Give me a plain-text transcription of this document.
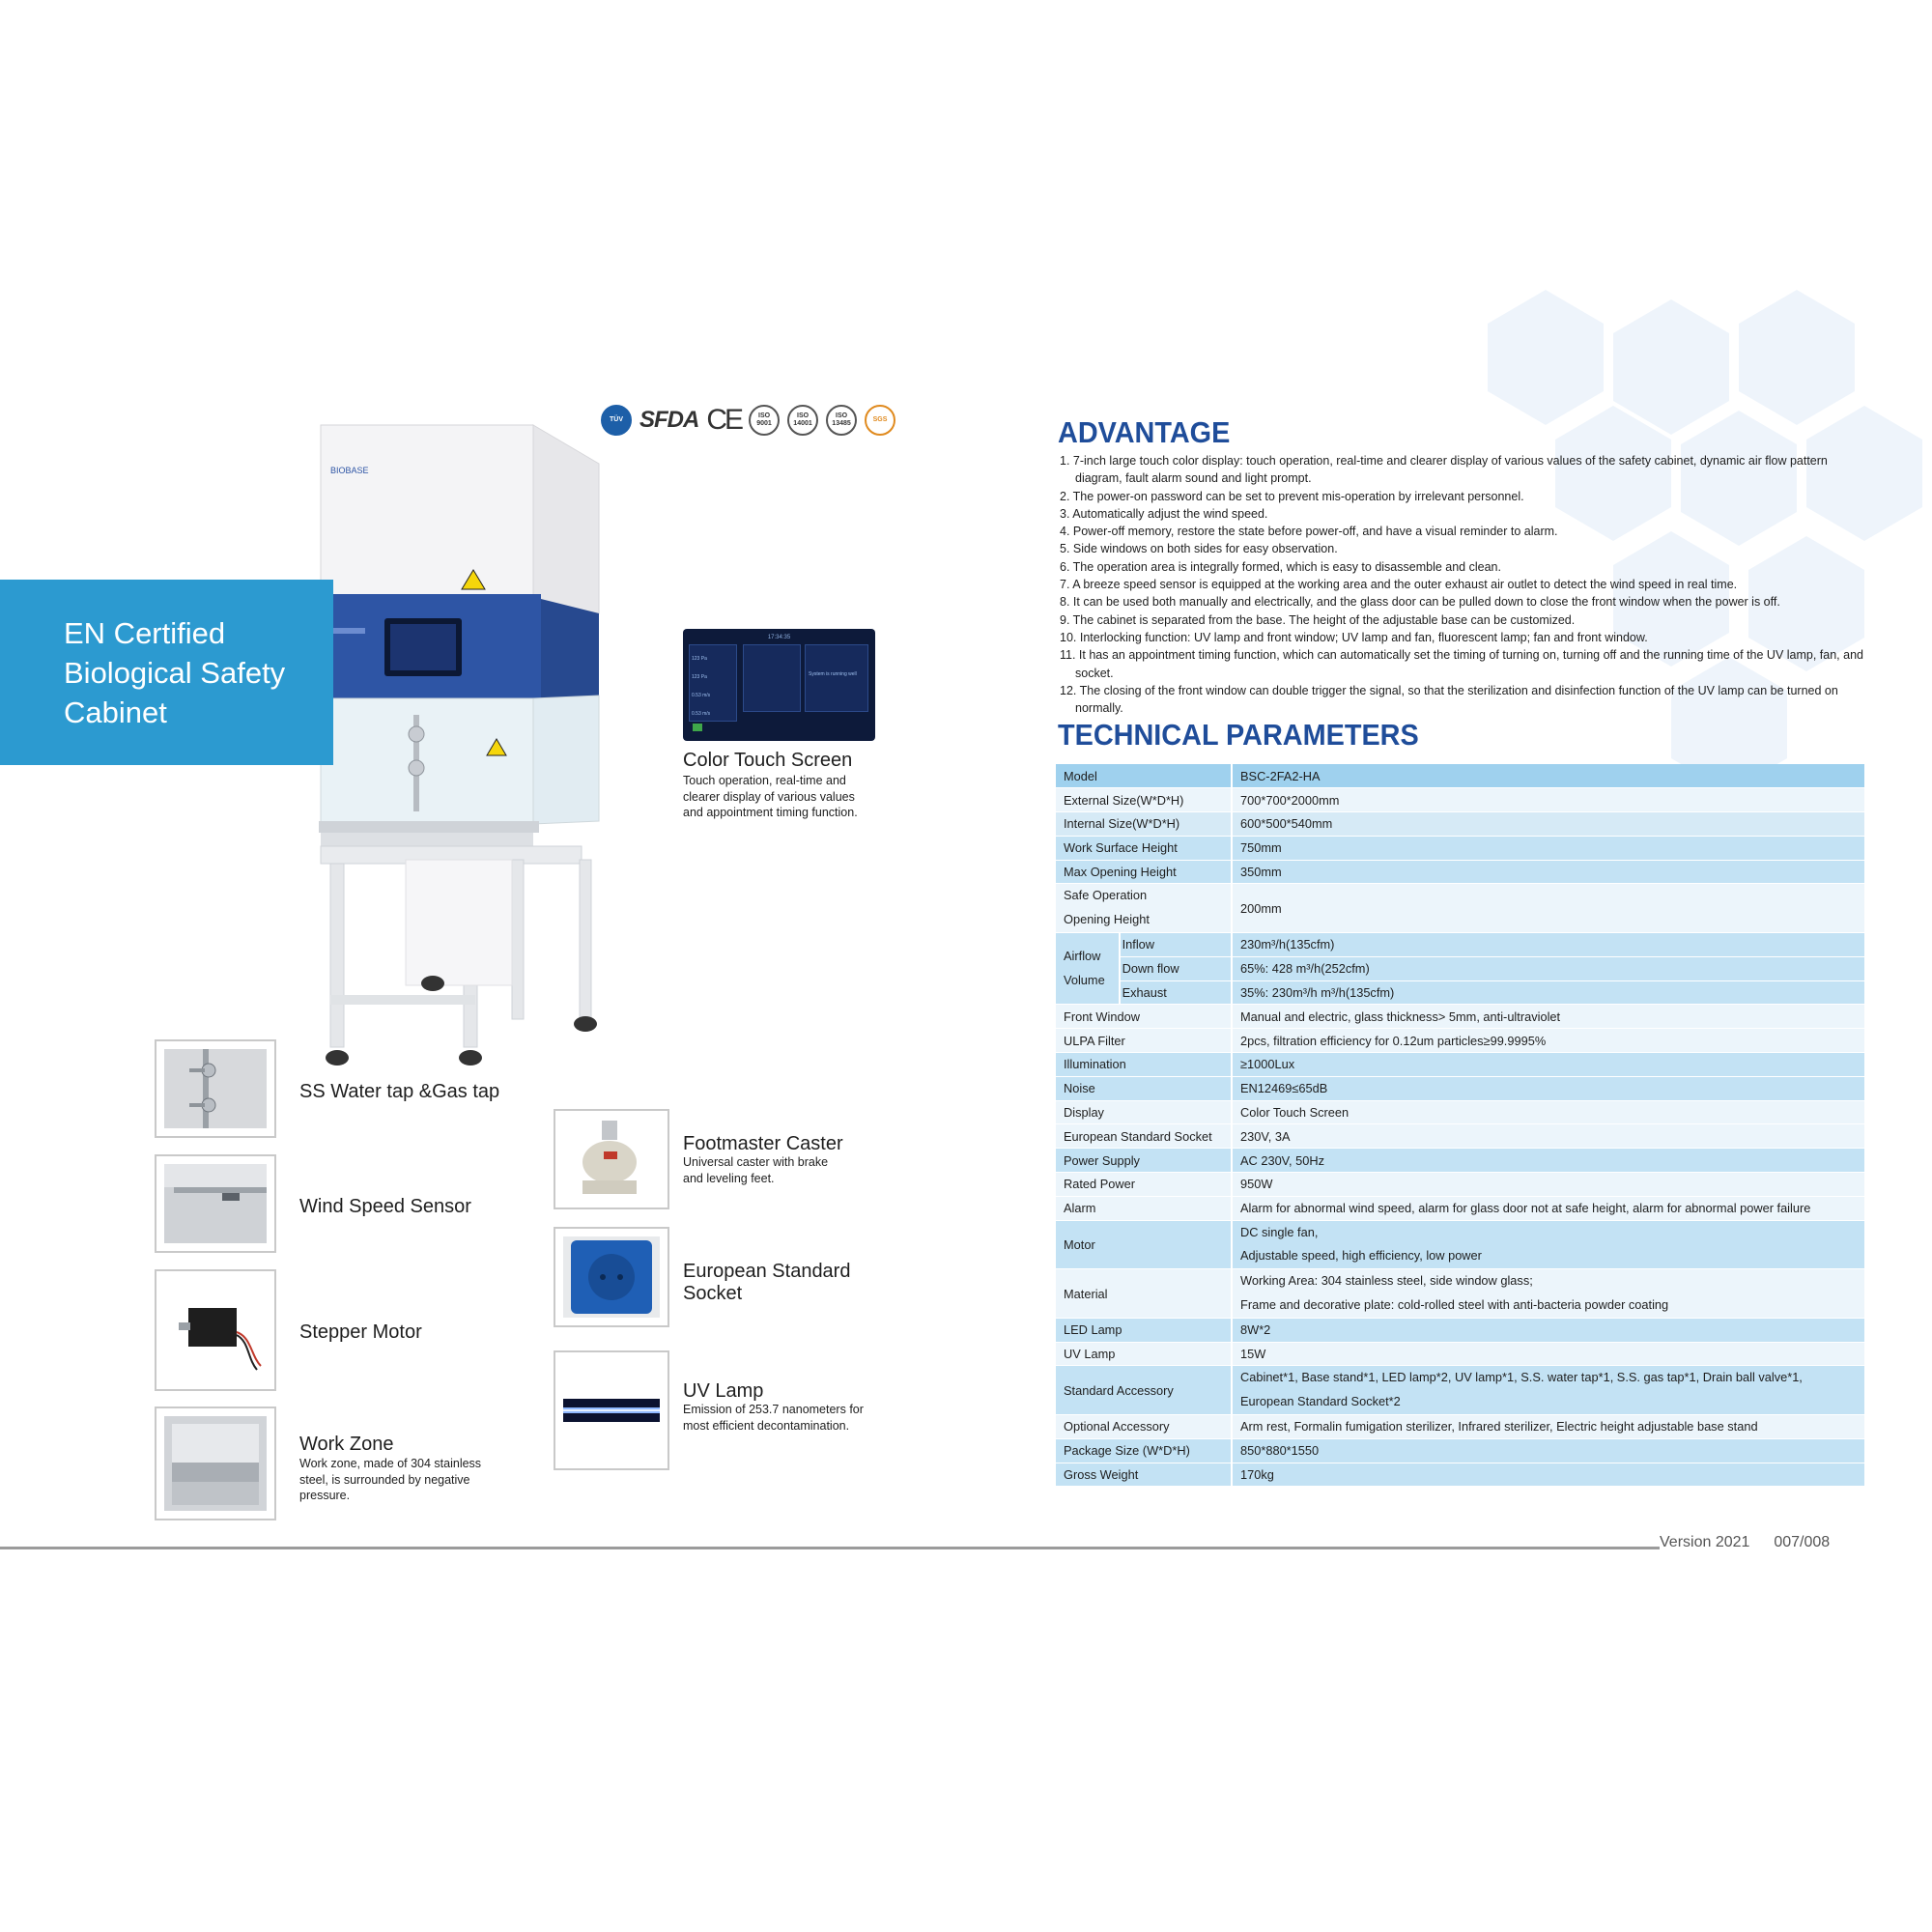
TÜV SFDA CE	ISO 9001
ISO 14001
ISO 13485
SGS
BIOBASE
EN Certified
Biological Safety
Cabinet
17:34:35
System is running well
123 Pa
123 Pa
0.53 m/s
0.53 m/s
Color Touch Screen
Touch operation, real-time and
clearer display of various values
and appointment timing function.
SS Water tap &Gas tap
Wind Speed Sensor
Stepper Motor
Work Zone
Work zone, made of 304 stainless
steel, is surrounded by negative
pressure.
Footmaster Caster
Universal caster with brake
and leveling feet.
European Standard Socket
UV Lamp
Emission of 253.7 nanometers for
most efficient decontamination.
ADVANTAGE
1. 7-inch large touch color display: touch operation, real-time and clearer display of various values of the safety cabinet, dynamic air flow pattern diagram, fault alarm sound and light prompt.
2. The power-on password can be set to prevent mis-operation by irrelevant personnel.
3. Automatically adjust the wind speed.
4. Power-off memory, restore the state before power-off, and have a visual reminder to alarm.
5. Side windows on both sides for easy observation.
6. The operation area is integrally formed, which is easy to disassemble and clean.
7. A breeze speed sensor is equipped at the working area and the outer exhaust air outlet to detect the wind speed in real time.
8. It can be used both manually and electrically, and the glass door can be pulled down to close the front window when the power is off.
9. The cabinet is separated from the base. The height of the adjustable base can be customized.
10. Interlocking function: UV lamp and front window; UV lamp and fan, fluorescent lamp; fan and front window.
11. It has an appointment timing function, which can automatically set the timing of turning on, turning off and the running time of the UV lamp, fan, and socket.
12. The closing of the front window can double trigger the signal, so that the sterilization and disinfection function of the UV lamp can be turned on normally.
TECHNICAL PARAMETERS
Model		BSC-2FA2-HA
External Size(W*D*H)		700*700*2000mm
Internal Size(W*D*H)		600*500*540mm
Work Surface Height		750mm
Max Opening Height		350mm

Safe Operation
Opening Height		200mm

Airflow
Volume	Inflow	230m³/h(135cfm)
	Down flow	65%: 428 m³/h(252cfm)
	Exhaust	35%: 230m³/h m³/h(135cfm)
Front Window		Manual and electric, glass thickness> 5mm, anti-ultraviolet
ULPA Filter		2pcs, filtration efficiency for 0.12um particles≥99.9995%
Illumination		≥1000Lux
Noise		EN12469≤65dB
Display		Color Touch Screen
European Standard Socket		230V, 3A
Power Supply		AC 230V, 50Hz
Rated Power		950W
Alarm		Alarm for abnormal wind speed, alarm for glass door not at safe height, alarm for abnormal power failure
Motor		DC single fan,
Adjustable speed, high efficiency, low power

Material		Working Area: 304 stainless steel, side window glass;
Frame and decorative plate: cold-rolled steel with anti-bacteria powder coating

LED Lamp		8W*2
UV Lamp		15W
Standard Accessory		Cabinet*1, Base stand*1, LED lamp*2, UV lamp*1, S.S. water tap*1, S.S. gas tap*1, Drain ball valve*1,
European Standard Socket*2

Optional Accessory		Arm rest, Formalin fumigation sterilizer, Infrared sterilizer, Electric height adjustable base stand
Package Size (W*D*H)		850*880*1550
Gross Weight		170kg
Version 2021 007/008
